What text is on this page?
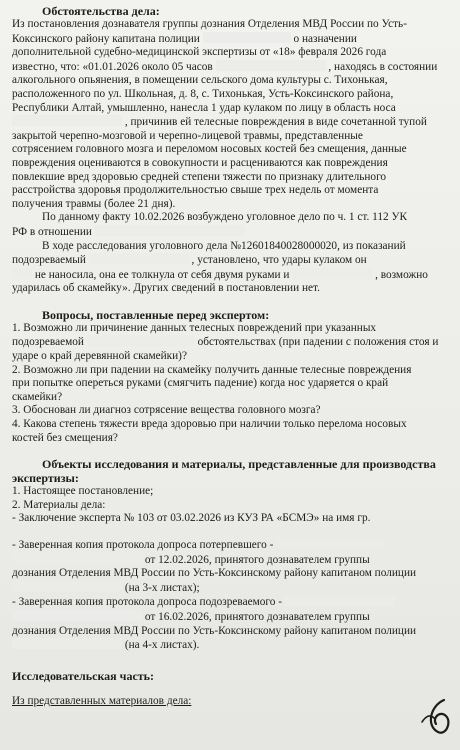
Обстоятельства дела:

Из постановления дознавателя группы дознания Отделения МВД России по Усть-
Коксинского району капитана полиции	о назначении
дополнительной судебно-медицинской экспертизы от «18» февраля 2026 года
известно, что: «01.01.2026 около 05 часов	, находясь в состоянии
алкогольного опьянения, в помещении сельского дома культуры с. Тихонькая,
расположенного по ул. Школьная, д. 8, с. Тихонькая, Усть-Коксинского района,
Республики Алтай, умышленно, нанесла 1 удар кулаком по лицу в область носа
, причинив ей телесные повреждения в виде сочетанной тупой
закрытой черепно-мозговой и черепно-лицевой травмы, представленные
сотрясением головного мозга и переломом носовых костей без смещения, данные
повреждения оцениваются в совокупности и расцениваются как повреждения
повлекшие вред здоровью средней степени тяжести по признаку длительного
расстройства здоровья продолжительностью свыше трех недель от момента
получения травмы (более 21 дня).

По данному факту 10.02.2026 возбуждено уголовное дело по ч. 1 ст. 112 УК
РФ в отношении

В ходе расследования уголовного дела №12601840028000020, из показаний
подозреваемый	, установлено, что удары кулаком он
не наносила, она ее толкнула от себя двумя руками и	, возможно
ударилась об скамейку». Других сведений в постановлении нет.

Вопросы, поставленные перед экспертом:

1. Возможно ли причинение данных телесных повреждений при указанных
подозреваемой	обстоятельствах (при падении с положения стоя и
ударе о край деревянной скамейки)?
2. Возможно ли при падении на скамейку получить данные телесные повреждения
при попытке опереться руками (смягчить падение) когда нос ударяется о край
скамейки?
3. Обоснован ли диагноз сотрясение вещества головного мозга?
4. Какова степень тяжести вреда здоровью при наличии только перелома носовых
костей без смещения?

Объекты исследования и материалы, представленные для производства
экспертизы:

1. Настоящее постановление;
2. Материалы дела:
- Заключение эксперта № 103 от 03.02.2026 из КУЗ РА «БСМЭ» на имя гр.

- Заверенная копия протокола допроса потерпевшего -
от 12.02.2026, принятого дознавателем группы
дознания Отделения МВД России по Усть-Коксинскому району капитаном полиции
(на 3-х листах);
- Заверенная копия протокола допроса подозреваемого -
от 16.02.2026, принятого дознавателем группы
дознания Отделения МВД России по Усть-Коксинскому району капитаном полиции
(на 4-х листах).

Исследовательская часть:

Из представленных материалов дела:
